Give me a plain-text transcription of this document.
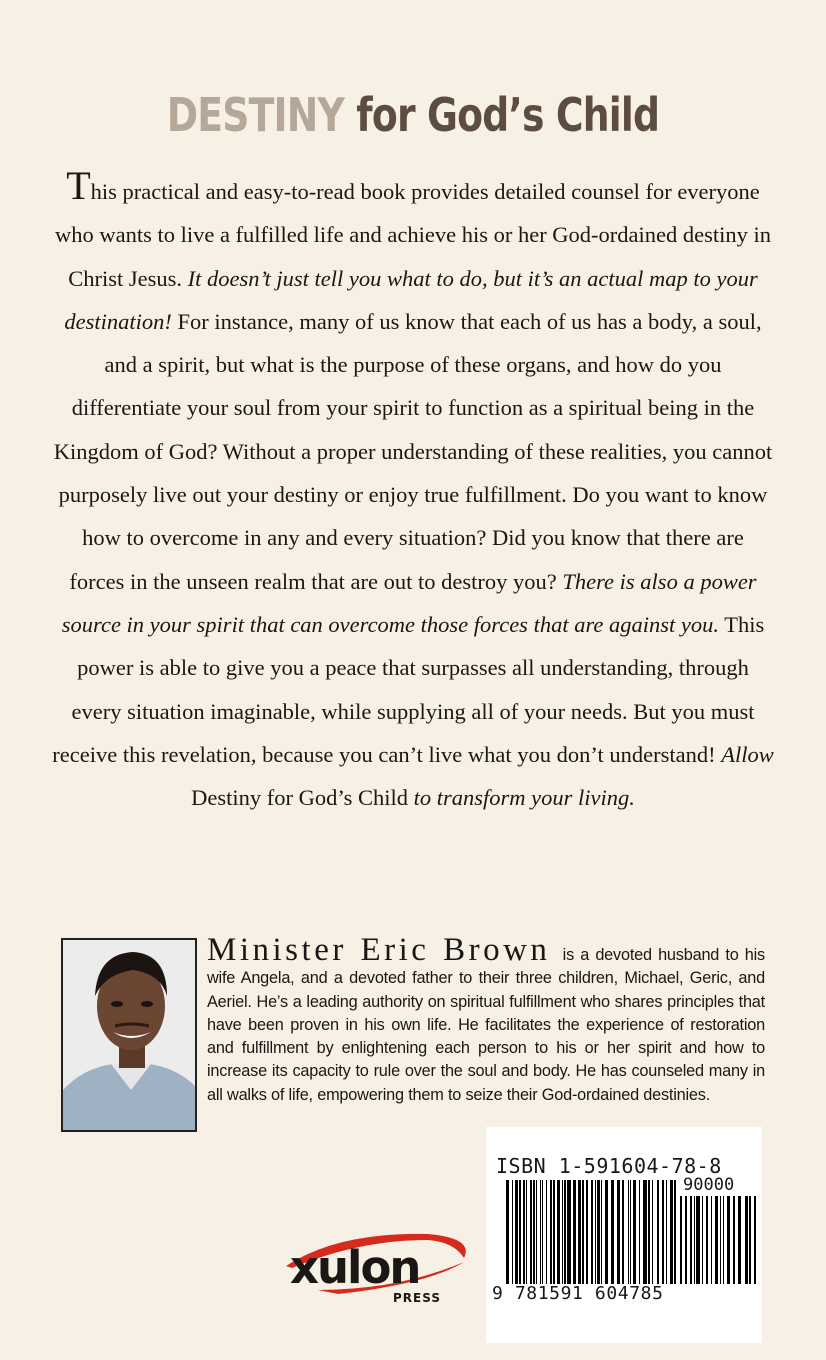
DESTINY for God’s Child
This practical and easy-to-read book provides detailed counsel for everyone who wants to live a fulfilled life and achieve his or her God-ordained destiny in Christ Jesus. It doesn’t just tell you what to do, but it’s an actual map to your destination! For instance, many of us know that each of us has a body, a soul, and a spirit, but what is the purpose of these organs, and how do you differentiate your soul from your spirit to function as a spiritual being in the Kingdom of God? Without a proper understanding of these realities, you cannot purposely live out your destiny or enjoy true fulfillment. Do you want to know how to overcome in any and every situation? Did you know that there are forces in the unseen realm that are out to destroy you? There is also a power source in your spirit that can overcome those forces that are against you. This power is able to give you a peace that surpasses all understanding, through every situation imaginable, while supplying all of your needs. But you must receive this revelation, because you can’t live what you don’t understand! Allow Destiny for God’s Child to transform your living.
Minister Eric Brown is a devoted husband to his wife Angela, and a devoted father to their three children, Michael, Geric, and Aeriel. He’s a leading authority on spiritual fulfillment who shares principles that have been proven in his own life. He facilitates the experience of restoration and fulfillment by enlightening each person to his or her spirit and how to increase its capacity to rule over the soul and body. He has counseled many in all walks of life, empowering them to seize their God-ordained destinies.
ISBN 1-591604-78-8
90000
9 781591 604785
xulon
PRESS
